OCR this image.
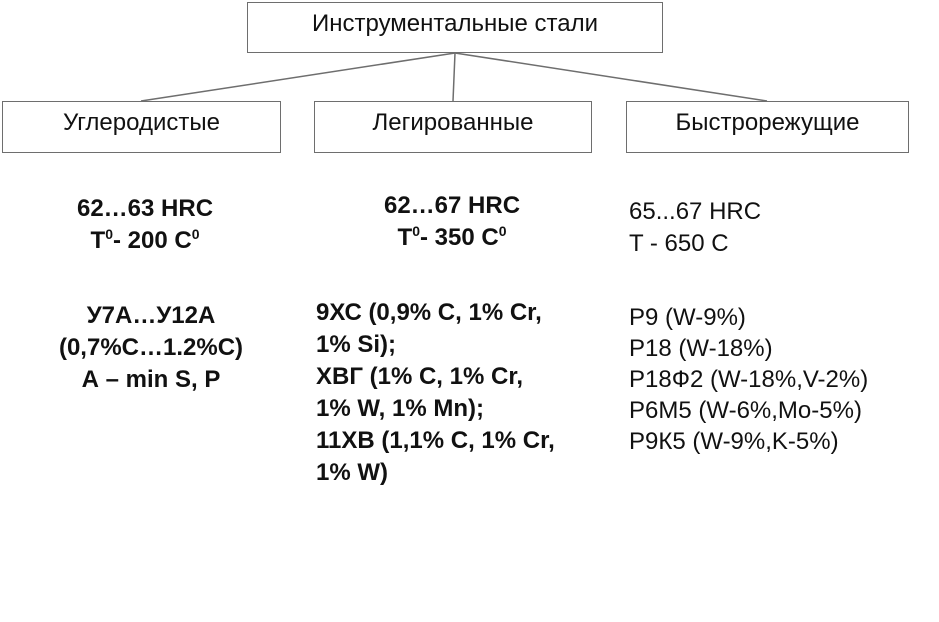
Инструментальные стали
Углеродистые	Легированные	Быстрорежущие
62…63 HRC
$T^0-$ 200 $C^0$
У7А…У12А
(0,7%С…1.2%С)
А – min S, P
62…67 HRC
$T^0-$ 350 $C^0$
9ХС (0,9% С, 1% Cr,
1% Si);
ХВГ (1% С, 1% Cr,
1% W, 1% Mn);
11ХВ (1,1% С, 1% Cr,
1% W)
65...67 HRC
T - 650 C
Р9 (W-9%)
Р18 (W-18%)
Р18Ф2 (W-18%,V-2%)
Р6М5 (W-6%,Mo-5%)
Р9К5 (W-9%,K-5%)
